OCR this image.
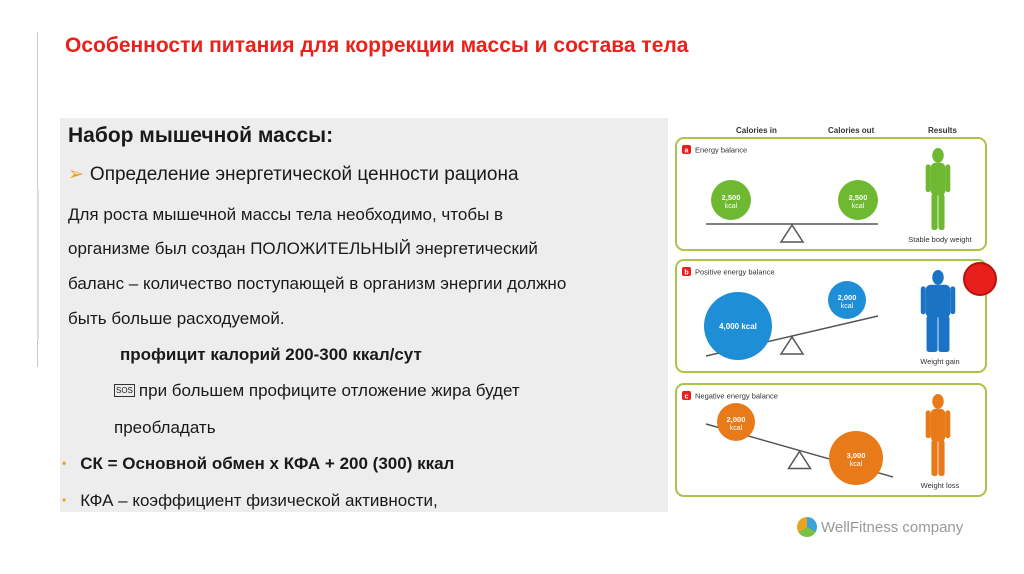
Особенности питания для коррекции массы и состава тела
Набор мышечной массы:
➢ Определение энергетической ценности рациона
Для роста мышечной массы тела необходимо, чтобы в
организме был создан ПОЛОЖИТЕЛЬНЫЙ энергетический
баланс – количество поступающей в организм энергии должно
быть больше расходуемой.
профицит калорий 200-300 ккал/сут
SOS при большем профиците отложение жира будет
преобладать
• СК = Основной обмен х КФА + 200 (300) ккал
• КФА – коэффициент физической активности,
Calories in	Calories out	Results
a Energy balance
2,500
kcal
2,500
kcal
Stable body weight
b Positive energy balance
4,000 kcal
2,000
kcal
Weight gain
c Negative energy balance
2,000
kcal
3,000
kcal
Weight loss
WellFitness company
